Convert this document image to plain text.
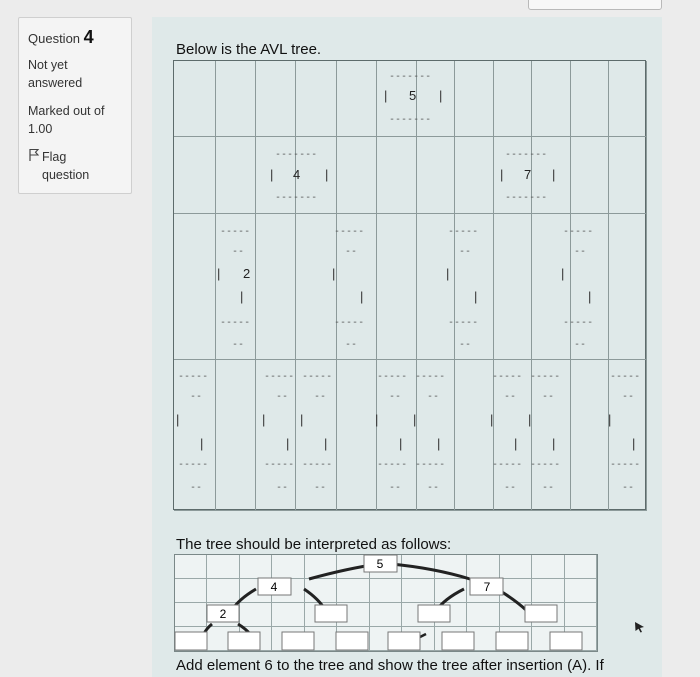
Question 4
Not yet
answered
Marked out of
1.00
Flag
question
Below is the AVL tree.
-------
| 5 |
-------
-------
| 4 |
-------
-------
| 7 |
-------
-----
--
| 2
|
-----
--
-----
--
|
|
-----
--
-----
--
|
|
-----
--
-----
--
|
|
-----
--
-----
--
|
|
-----
--
-----
--
|
|
-----
--
-----
--
|
|
-----
--
-----
--
|
|
-----
--
-----
--
|
|
-----
--
-----
--
|
|
-----
--
-----
--
|
|
-----
--
-----
--
|
|
-----
--
The tree should be interpreted as follows:
5
4	7
2
Add element 6 to the tree and show the tree after insertion (A). If
